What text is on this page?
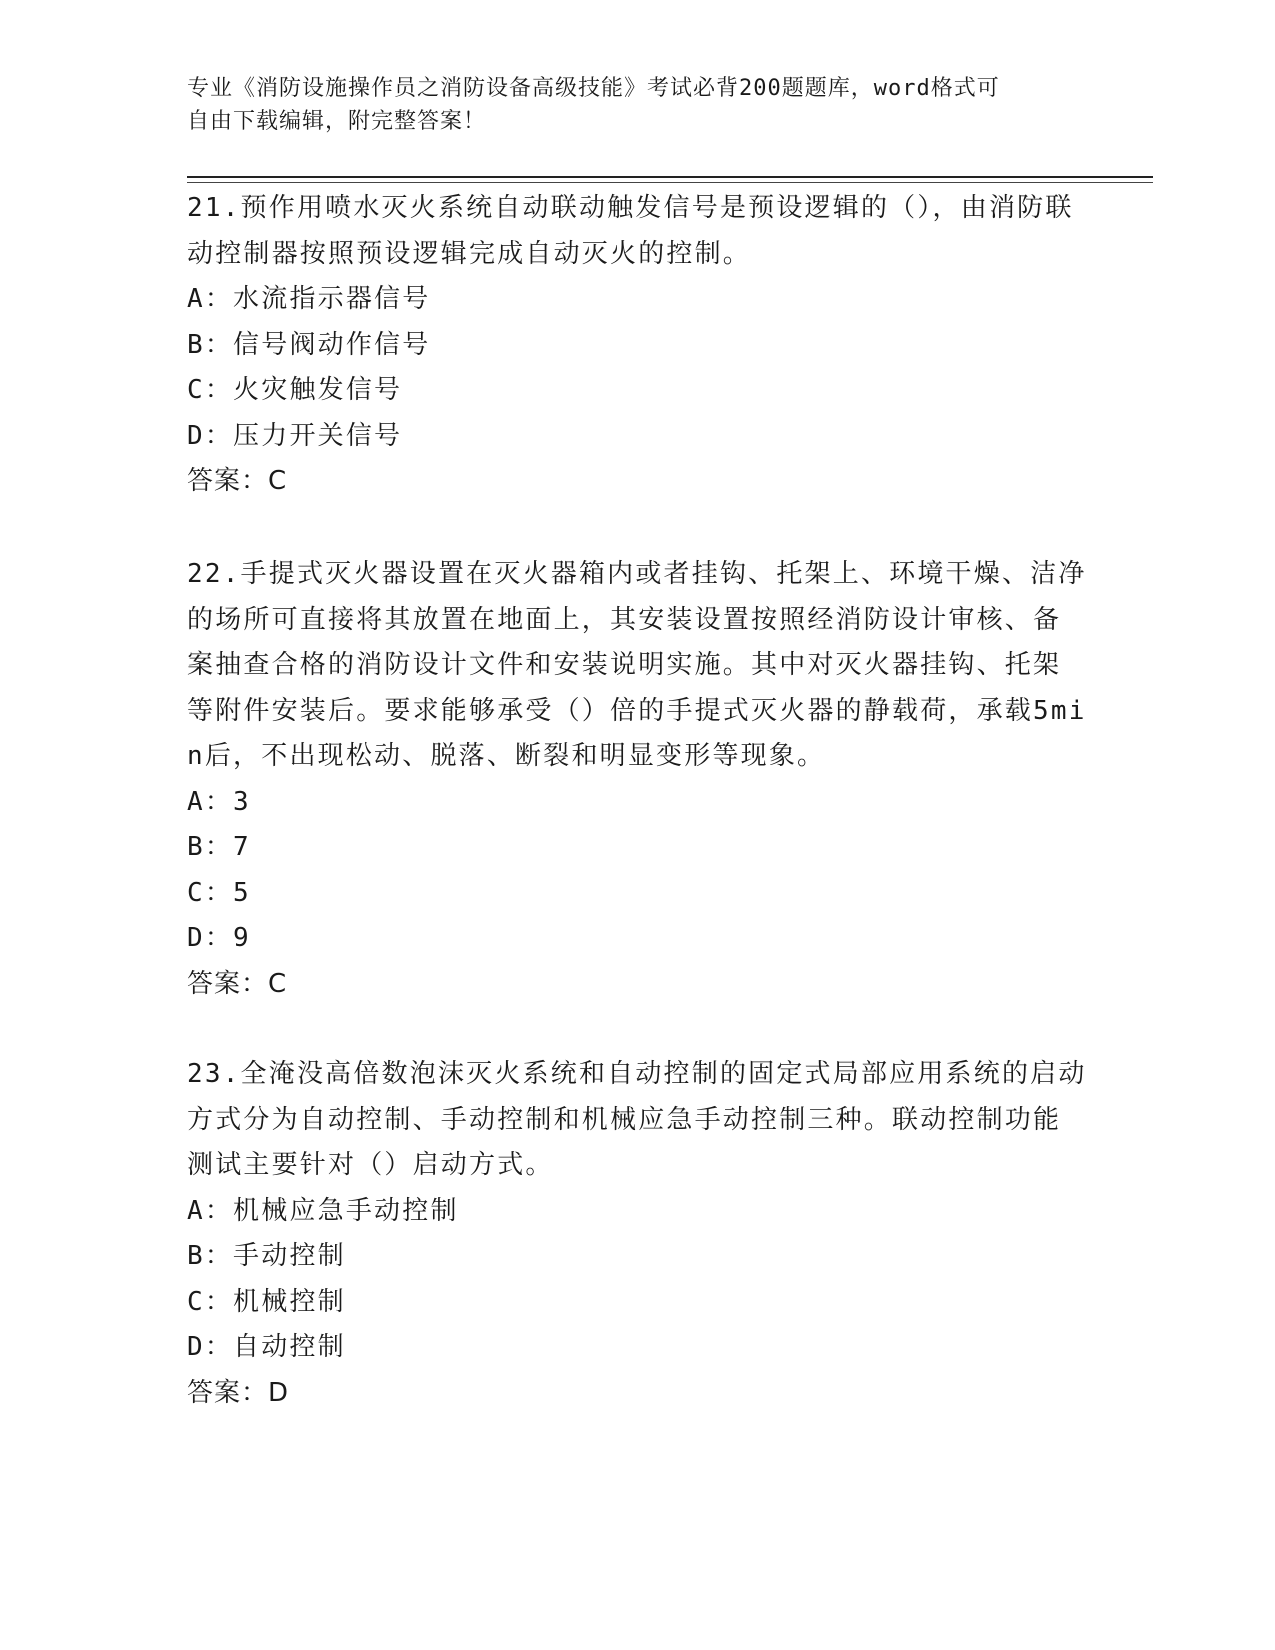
专业《消防设施操作员之消防设备高级技能》考试必背200题题库，word格式可
自由下载编辑，附完整答案！

21.预作用喷水灭火系统自动联动触发信号是预设逻辑的（），由消防联动控制器按照预设逻辑完成自动灭火的控制。

A：水流指示器信号

B：信号阀动作信号

C：火灾触发信号

D：压力开关信号

答案：C

22.手提式灭火器设置在灭火器箱内或者挂钩、托架上、环境干燥、洁净的场所可直接将其放置在地面上，其安装设置按照经消防设计审核、备案抽查合格的消防设计文件和安装说明实施。其中对灭火器挂钩、托架等附件安装后。要求能够承受（）倍的手提式灭火器的静载荷，承载5min后，不出现松动、脱落、断裂和明显变形等现象。

A：3

B：7

C：5

D：9

答案：C

23.全淹没高倍数泡沫灭火系统和自动控制的固定式局部应用系统的启动方式分为自动控制、手动控制和机械应急手动控制三种。联动控制功能测试主要针对（）启动方式。

A：机械应急手动控制

B：手动控制

C：机械控制

D：自动控制

答案：D
